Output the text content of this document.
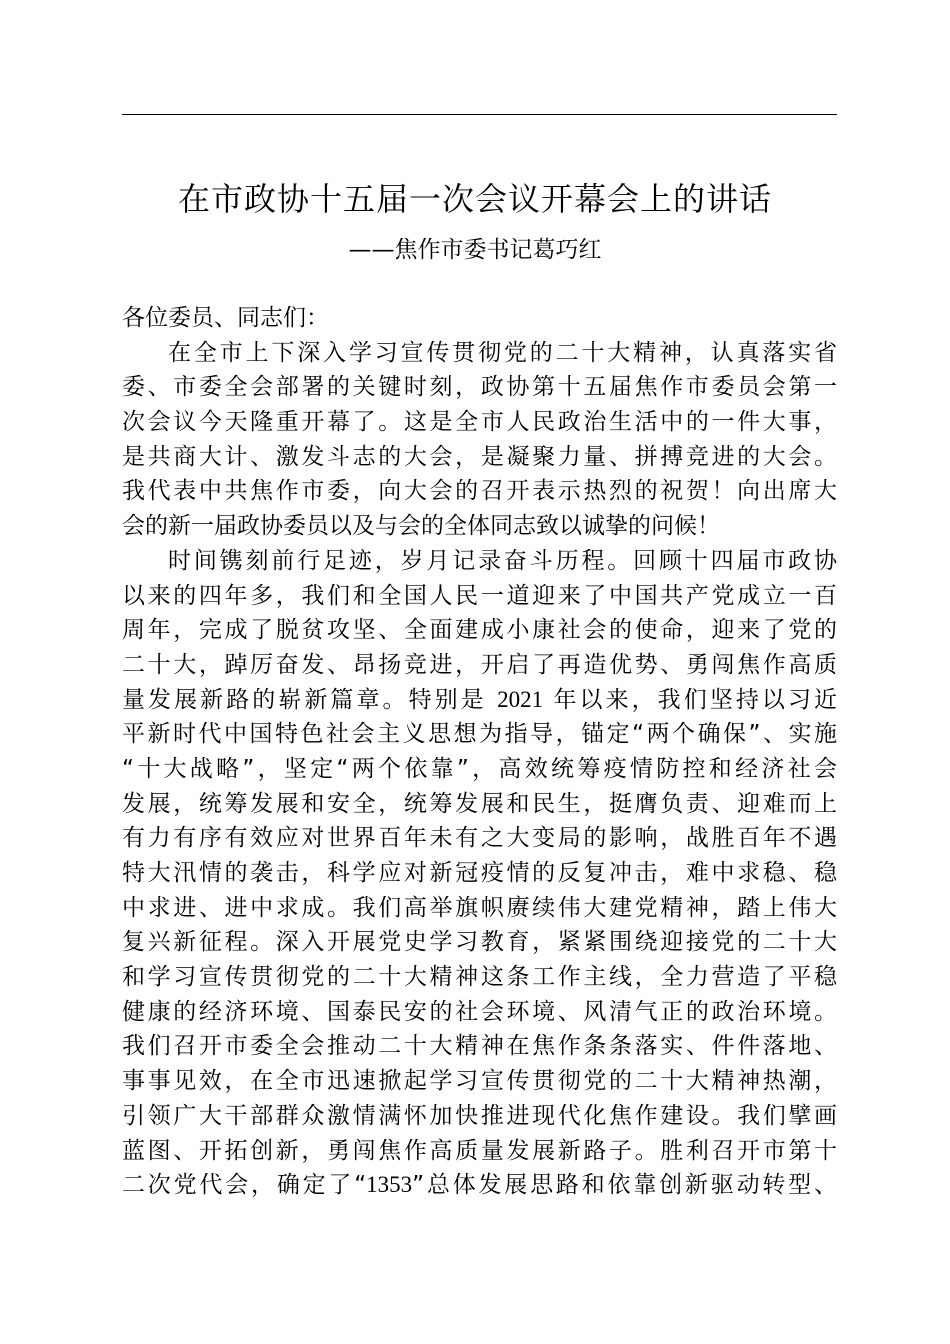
在市政协十五届一次会议开幕会上的讲话
——焦作市委书记葛巧红
各位委员、同志们：
在全市上下深入学习宣传贯彻党的二十大精神，认真落实省
委、市委全会部署的关键时刻，政协第十五届焦作市委员会第一
次会议今天隆重开幕了。这是全市人民政治生活中的一件大事，
是共商大计、激发斗志的大会，是凝聚力量、拼搏竞进的大会。
我代表中共焦作市委，向大会的召开表示热烈的祝贺！向出席大
会的新一届政协委员以及与会的全体同志致以诚挚的问候！
时间镌刻前行足迹，岁月记录奋斗历程。回顾十四届市政协
以来的四年多，我们和全国人民一道迎来了中国共产党成立一百
周年，完成了脱贫攻坚、全面建成小康社会的使命，迎来了党的
二十大，踔厉奋发、昂扬竞进，开启了再造优势、勇闯焦作高质
量发展新路的崭新篇章。特别是 2021 年以来，我们坚持以习近
平新时代中国特色社会主义思想为指导，锚定“两个确保”、实施
“十大战略”，坚定“两个依靠”，高效统筹疫情防控和经济社会
发展，统筹发展和安全，统筹发展和民生，挺膺负责、迎难而上
有力有序有效应对世界百年未有之大变局的影响，战胜百年不遇
特大汛情的袭击，科学应对新冠疫情的反复冲击，难中求稳、稳
中求进、进中求成。我们高举旗帜赓续伟大建党精神，踏上伟大
复兴新征程。深入开展党史学习教育，紧紧围绕迎接党的二十大
和学习宣传贯彻党的二十大精神这条工作主线，全力营造了平稳
健康的经济环境、国泰民安的社会环境、风清气正的政治环境。
我们召开市委全会推动二十大精神在焦作条条落实、件件落地、
事事见效，在全市迅速掀起学习宣传贯彻党的二十大精神热潮，
引领广大干部群众激情满怀加快推进现代化焦作建设。我们擘画
蓝图、开拓创新，勇闯焦作高质量发展新路子。胜利召开市第十
二次党代会，确定了“1353”总体发展思路和依靠创新驱动转型、
